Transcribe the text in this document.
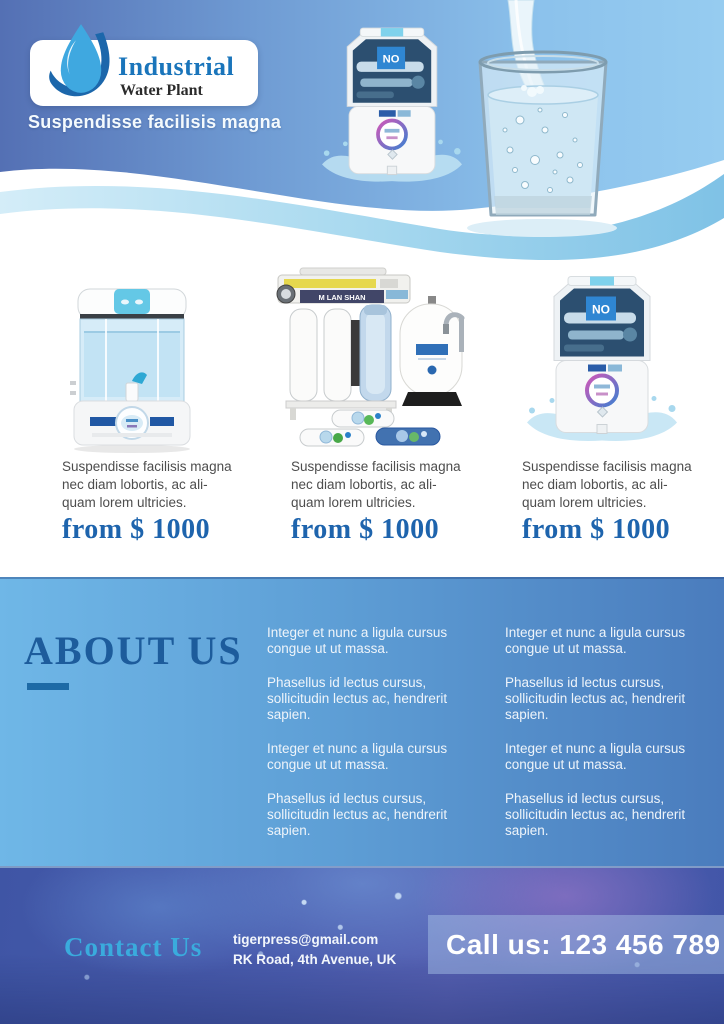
Industrial
Water Plant
Suspendisse facilisis magna
M LAN SHAN
Suspendisse facilisis magna
nec diam lobortis, ac ali-
quam lorem ultricies.
from $ 1000
Suspendisse facilisis magna
nec diam lobortis, ac ali-
quam lorem ultricies.
from $ 1000
Suspendisse facilisis magna
nec diam lobortis, ac ali-
quam lorem ultricies.
from $ 1000
ABOUT US Integer et nunc a ligula cursus congue ut ut massa.

Phasellus id lectus cursus, sollicitudin lectus ac, hendrerit sapien.

Integer et nunc a ligula cursus congue ut ut massa.

Phasellus id lectus cursus, sollicitudin lectus ac, hendrerit sapien.

Integer et nunc a ligula cursus congue ut ut massa.

Phasellus id lectus cursus, sollicitudin lectus ac, hendrerit sapien.

Integer et nunc a ligula cursus congue ut ut massa.

Phasellus id lectus cursus, sollicitudin lectus ac, hendrerit sapien.

Contact Us tigerpress@gmail.com
RK Road, 4th Avenue, UK	Call us: 123 456 789
